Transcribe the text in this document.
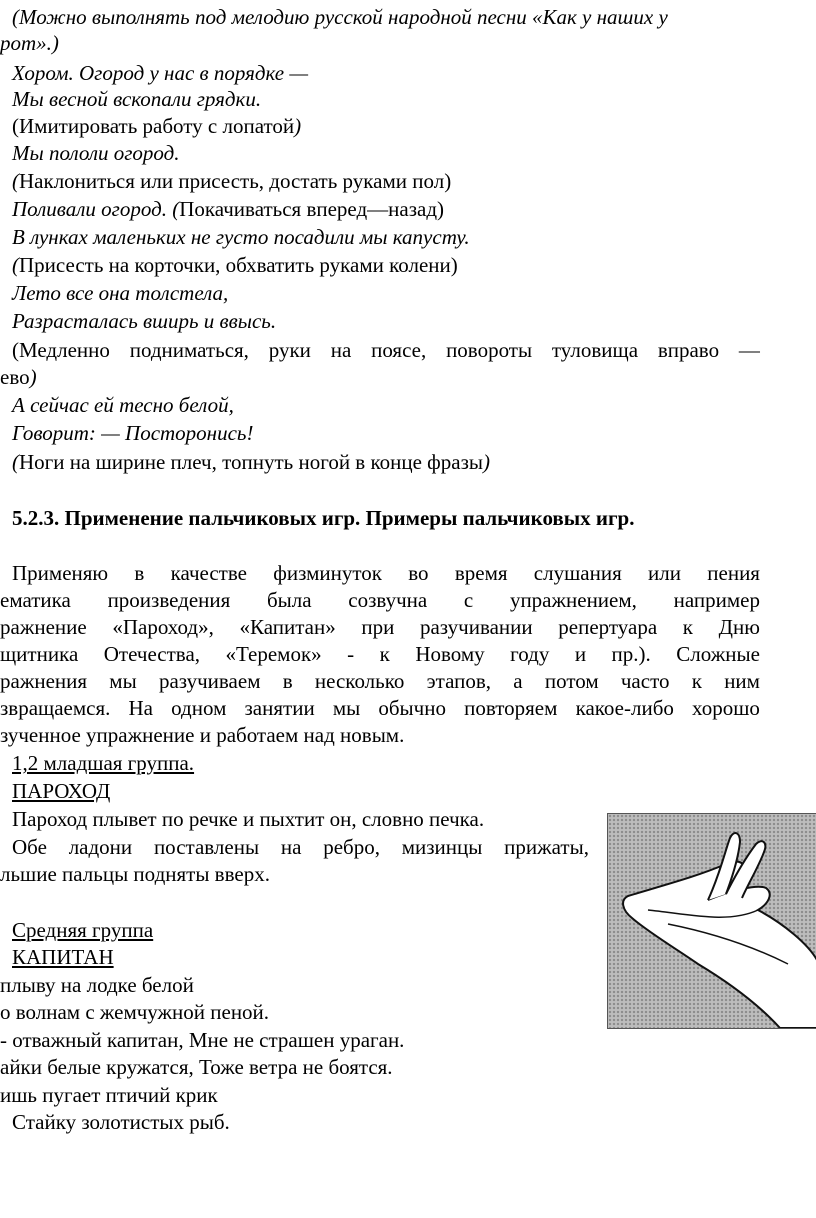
(Можно выполнять под мелодию русской народной песни «Как у наших у
рот».)
Хором. Огород у нас в порядке —
Мы весной вскопали грядки.
(Имитировать работу с лопатой)
Мы пололи огород.
(Наклониться или присесть, достать руками пол)
Поливали огород. (Покачиваться вперед—назад)
В лунках маленьких не густо посадили мы капусту.
(Присесть на корточки, обхватить руками колени)
Лето все она толстела,
Разрасталась вширь и ввысь.
(Медленно подниматься, руки на поясе, повороты туловища вправо —
ево)
А сейчас ей тесно белой,
Говорит: — Посторонись!
(Ноги на ширине плеч, топнуть ногой в конце фразы)
5.2.3. Применение пальчиковых игр. Примеры пальчиковых игр.
Применяю в качестве физминуток во время слушания или пения
ематика произведения была созвучна с упражнением, например
ражнение «Пароход», «Капитан» при разучивании репертуара к Дню
щитника Отечества, «Теремок» - к Новому году и пр.). Сложные
ражнения мы разучиваем в несколько этапов, а потом часто к ним
звращаемся. На одном занятии мы обычно повторяем какое-либо хорошо
зученное упражнение и работаем над новым.
1,2 младшая группа.
ПАРОХОД
Пароход плывет по речке и пыхтит он, словно печка.
Обе ладони поставлены на ребро, мизинцы прижаты,
льшие пальцы подняты вверх.
Средняя группа
КАПИТАН
плыву на лодке белой
о волнам с жемчужной пеной.
- отважный капитан, Мне не страшен ураган.
айки белые кружатся, Тоже ветра не боятся.
ишь пугает птичий крик
Стайку золотистых рыб.
